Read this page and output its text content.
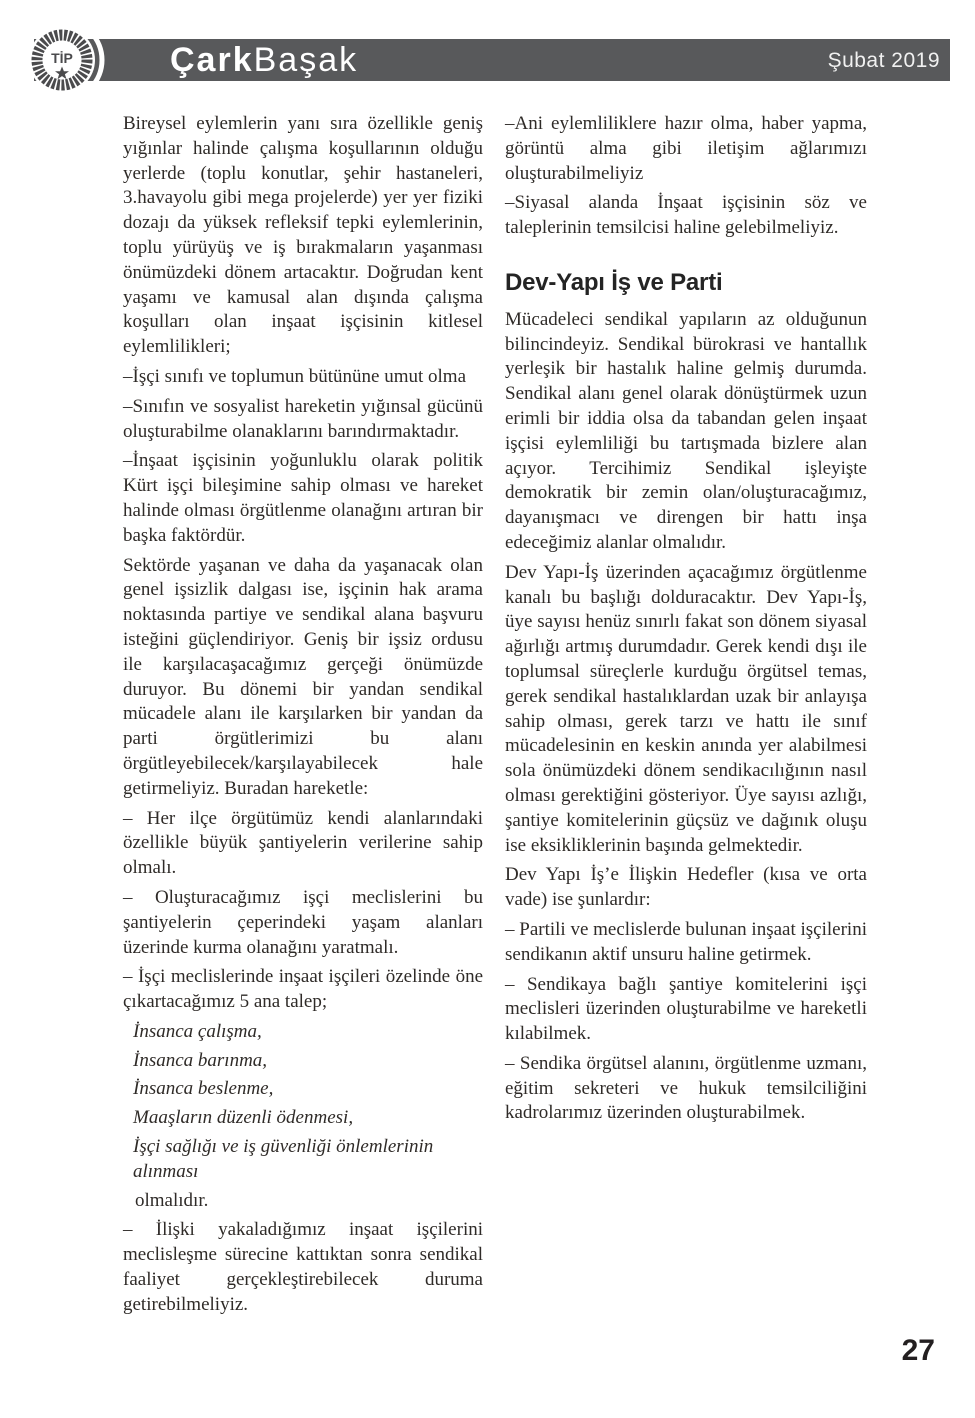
TİP	ÇarkBaşak	Şubat 2019

Bireysel eylemlerin yanı sıra özellikle geniş yığınlar halinde çalışma koşullarının olduğu yerlerde (toplu konutlar, şehir hastaneleri, 3.havayolu gibi mega projelerde) yer yer fiziki dozajı da yüksek refleksif tepki eylemlerinin, toplu yürüyüş ve iş bırakmaların yaşanması önümüzdeki dönem artacaktır. Doğrudan kent yaşamı ve kamusal alan dışında çalışma koşulları olan inşaat işçisinin kitlesel eylemlilikleri;

–İşçi sınıfı ve toplumun bütününe umut olma

–Sınıfın ve sosyalist hareketin yığınsal gücünü oluşturabilme olanaklarını barındırmaktadır.

–İnşaat işçisinin yoğunluklu olarak politik Kürt işçi bileşimine sahip olması ve hareket halinde olması örgütlenme olanağını artıran bir başka faktördür.

Sektörde yaşanan ve daha da yaşanacak olan genel işsizlik dalgası ise, işçinin hak arama noktasında partiye ve sendikal alana başvuru isteğini güçlendiriyor. Geniş bir işsiz ordusu ile karşılacaşacağımız gerçeği önümüzde duruyor. Bu dönemi bir yandan sendikal mücadele alanı ile karşılarken bir yandan da parti örgütlerimizi bu alanı örgütleyebilecek/karşılayabilecek hale getirmeliyiz. Buradan hareketle:

– Her ilçe örgütümüz kendi alanlarındaki özellikle büyük şantiyelerin verilerine sahip olmalı.

– Oluşturacağımız işçi meclislerini bu şantiyelerin çeperindeki yaşam alanları üzerinde kurma olanağını yaratmalı.

– İşçi meclislerinde inşaat işçileri özelinde öne çıkartacağımız 5 ana talep;

İnsanca çalışma,

İnsanca barınma,

İnsanca beslenme,

Maaşların düzenli ödenmesi,

İşçi sağlığı ve iş güvenliği önlemlerinin alınması

olmalıdır.

– İlişki yakaladığımız inşaat işçilerini meclisleşme sürecine kattıktan sonra sendikal faaliyet gerçekleştirebilecek duruma getirebilmeliyiz.

–Ani eylemliliklere hazır olma, haber yapma, görüntü alma gibi iletişim ağlarımızı oluşturabilmeliyiz

–Siyasal alanda İnşaat işçisinin söz ve taleplerinin temsilcisi haline gelebilmeliyiz.

Dev-Yapı İş ve Parti

Mücadeleci sendikal yapıların az olduğunun bilincindeyiz. Sendikal bürokrasi ve hantallık yerleşik bir hastalık haline gelmiş durumda. Sendikal alanı genel olarak dönüştürmek uzun erimli bir iddia olsa da tabandan gelen inşaat işçisi eylemliliği bu tartışmada bizlere alan açıyor. Tercihimiz Sendikal işleyişte demokratik bir zemin olan/oluşturacağımız, dayanışmacı ve direngen bir hattı inşa edeceğimiz alanlar olmalıdır.

Dev Yapı-İş üzerinden açacağımız örgütlenme kanalı bu başlığı dolduracaktır. Dev Yapı-İş, üye sayısı henüz sınırlı fakat son dönem siyasal ağırlığı artmış durumdadır. Gerek kendi dışı ile toplumsal süreçlerle kurduğu örgütsel temas, gerek sendikal hastalıklardan uzak bir anlayışa sahip olması, gerek tarzı ve hattı ile sınıf mücadelesinin en keskin anında yer alabilmesi sola önümüzdeki dönem sendikacılığının nasıl olması gerektiğini gösteriyor. Üye sayısı azlığı, şantiye komitelerinin güçsüz ve dağınık oluşu ise eksikliklerinin başında gelmektedir.

Dev Yapı İş’e İlişkin Hedefler (kısa ve orta vade) ise şunlardır:

– Partili ve meclislerde bulunan inşaat işçilerini sendikanın aktif unsuru haline getirmek.

– Sendikaya bağlı şantiye komitelerini işçi meclisleri üzerinden oluşturabilme ve hareketli kılabilmek.

– Sendika örgütsel alanını, örgütlenme uzmanı, eğitim sekreteri ve hukuk temsilciliğini kadrolarımız üzerinden oluşturabilmek.

27
